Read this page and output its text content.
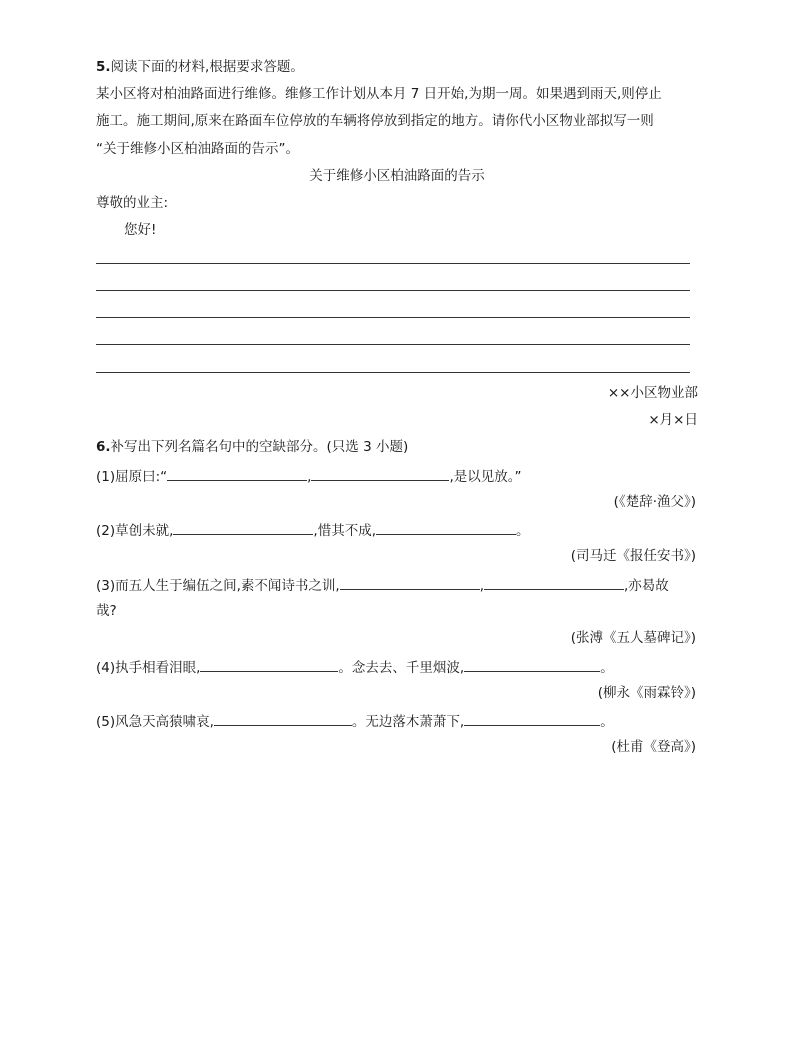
5.阅读下面的材料,根据要求答题。
某小区将对柏油路面进行维修。维修工作计划从本月 7 日开始,为期一周。如果遇到雨天,则停止
施工。施工期间,原来在路面车位停放的车辆将停放到指定的地方。请你代小区物业部拟写一则
“关于维修小区柏油路面的告示”。
关于维修小区柏油路面的告示
尊敬的业主:
您好!
××小区物业部
×月×日
6.补写出下列名篇名句中的空缺部分。(只选 3 小题)
(1)屈原曰:“	,	,是以见放。”
(《楚辞·渔父》)
(2)草创未就,	,惜其不成,	。
(司马迁《报任安书》)
(3)而五人生于编伍之间,素不闻诗书之训,	,	,亦曷故
哉?
(张溥《五人墓碑记》)
(4)执手相看泪眼,	。念去去、千里烟波,	。
(柳永《雨霖铃》)
(5)风急天高猿啸哀,	。无边落木萧萧下,	。
(杜甫《登高》)
